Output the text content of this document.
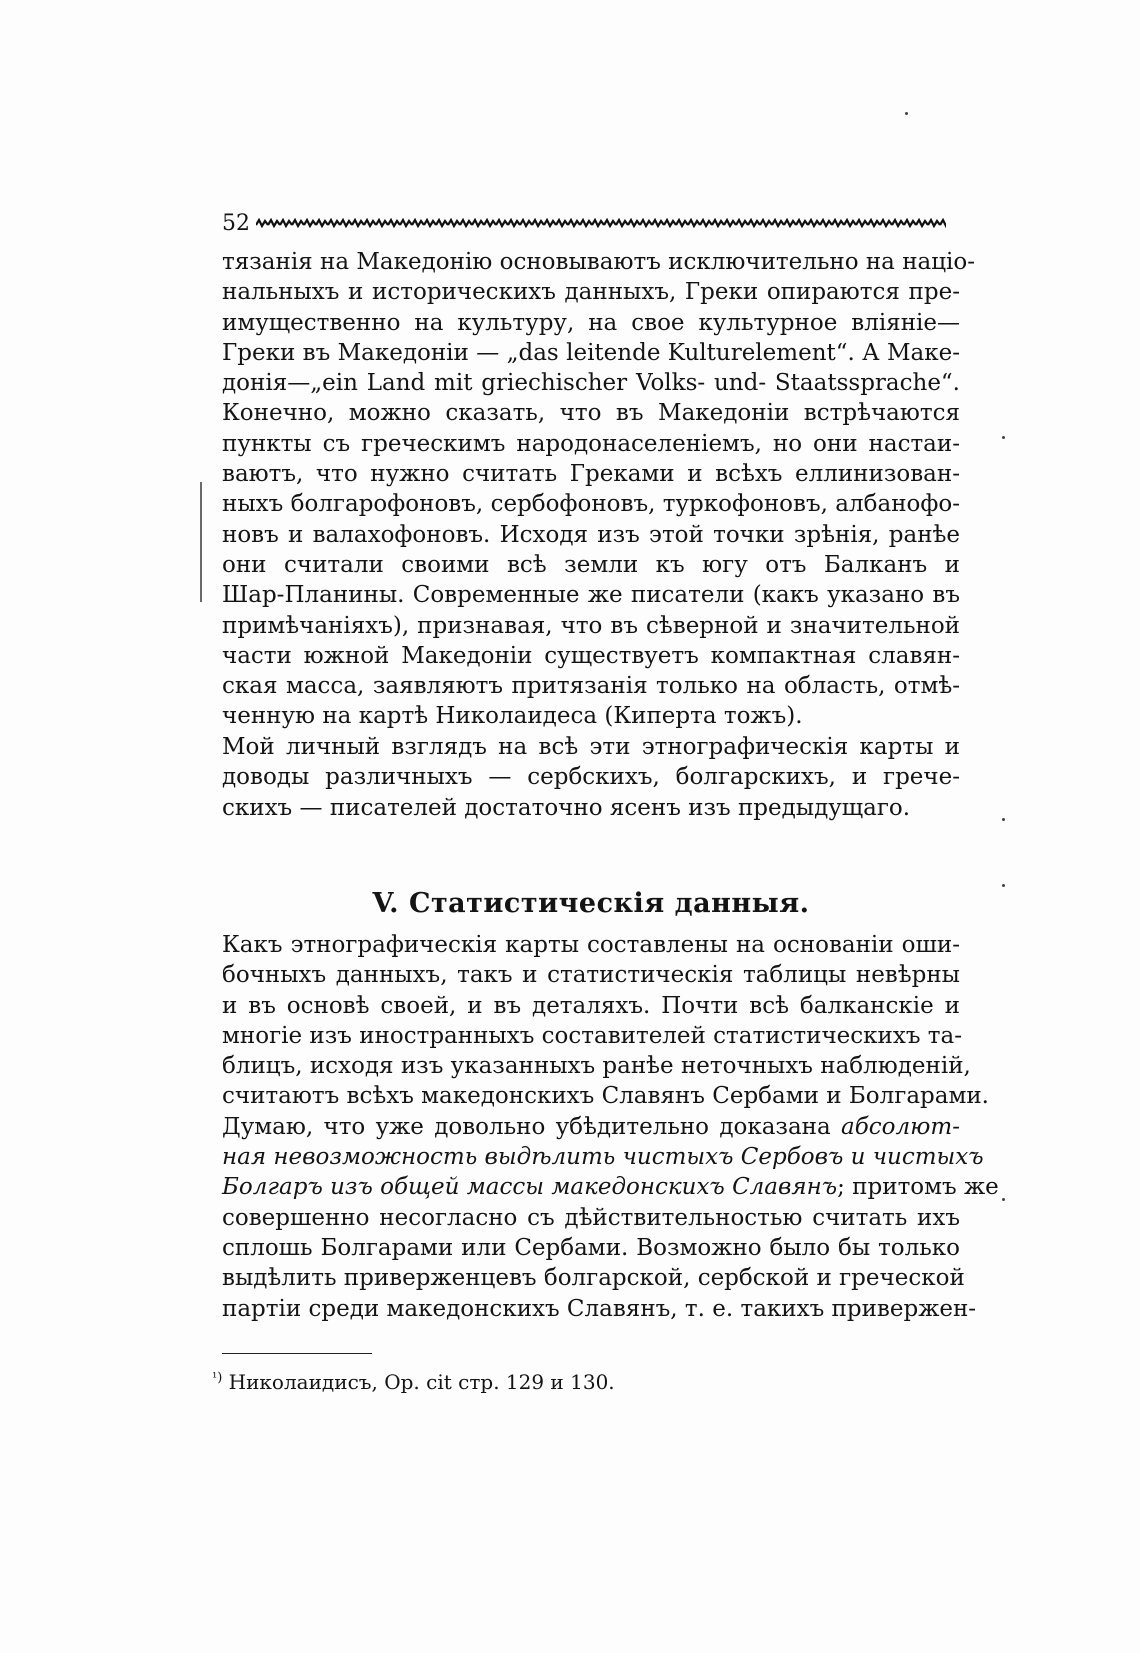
52
тязанія на Македонію основываютъ исключительно на націо-
нальныхъ и историческихъ данныхъ, Греки опираются пре-
имущественно на культуру, на свое культурное вліяніе—
Греки въ Македоніи — „das leitende Kulturelement“. А Маке-
донія—„ein Land mit griechischer Volks- und- Staatssprache“.
Конечно, можно сказать, что въ Македоніи встрѣчаются
пункты съ греческимъ народонаселеніемъ, но они настаи-
ваютъ, что нужно считать Греками и всѣхъ еллинизован-
ныхъ болгарофоновъ, сербофоновъ, туркофоновъ, албанофо-
новъ и валахофоновъ. Исходя изъ этой точки зрѣнія, ранѣе
они считали своими всѣ земли къ югу отъ Балканъ и
Шар-Планины. Современные же писатели (какъ указано въ
примѣчаніяхъ), признавая, что въ сѣверной и значительной
части южной Македоніи существуетъ компактная славян-
ская масса, заявляютъ притязанія только на область, отмѣ-
ченную на картѣ Николаидеса (Киперта тожъ).
Мой личный взглядъ на всѣ эти этнографическія карты и
доводы различныхъ — сербскихъ, болгарскихъ, и грече-
скихъ — писателей достаточно ясенъ изъ предыдущаго.
V. Статистическія данныя.
Какъ этнографическія карты составлены на основаніи оши-
бочныхъ данныхъ, такъ и статистическія таблицы невѣрны
и въ основѣ своей, и въ деталяхъ. Почти всѣ балканскіе и
многіе изъ иностранныхъ составителей статистическихъ та-
блицъ, исходя изъ указанныхъ ранѣе неточныхъ наблюденій,
считаютъ всѣхъ македонскихъ Славянъ Сербами и Болгарами.
Думаю, что уже довольно убѣдительно доказана абсолют-
ная невозможность выдѣлить чистыхъ Сербовъ и чистыхъ
Болгаръ изъ общей массы македонскихъ Славянъ; притомъ же
совершенно несогласно съ дѣйствительностью считать ихъ
сплошь Болгарами или Сербами. Возможно было бы только
выдѣлить приверженцевъ болгарской, сербской и греческой
партіи среди македонскихъ Славянъ, т. е. такихъ привержен-
$^{^1)}$ Николаидисъ, Op. cit стр. 129 и 130.
